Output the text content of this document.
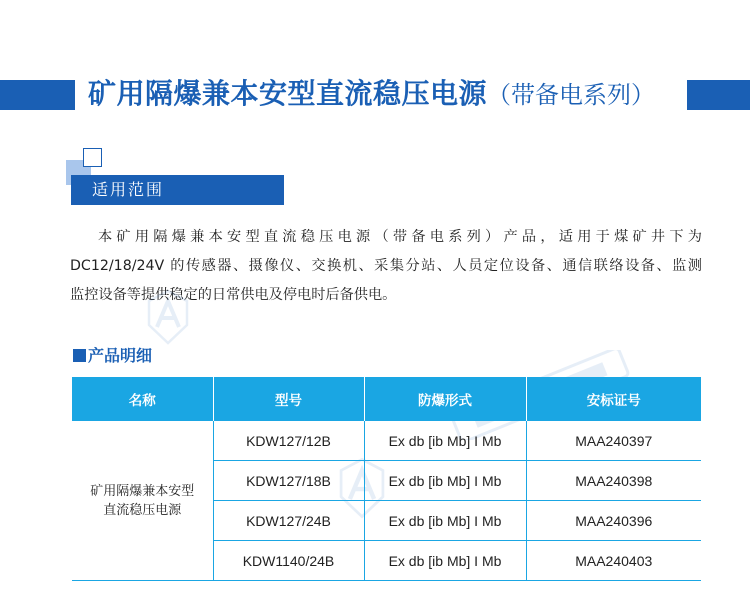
矿用隔爆兼本安型直流稳压电源（带备电系列）
适用范围

本矿用隔爆兼本安型直流稳压电源（带备电系列）产品，适用于煤矿井下为

DC12/18/24V 的传感器、摄像仪、交换机、采集分站、人员定位设备、通信联络设备、监测

监控设备等提供稳定的日常供电及停电时后备供电。

产品明细
名称	型号	防爆形式	安标证号

矿用隔爆兼本安型
直流稳压电源	KDW127/12B	Ex db [ib Mb] I Mb	MAA240397
	KDW127/18B	Ex db [ib Mb] I Mb	MAA240398
	KDW127/24B	Ex db [ib Mb] I Mb	MAA240396
	KDW1140/24B	Ex db [ib Mb] I Mb	MAA240403
